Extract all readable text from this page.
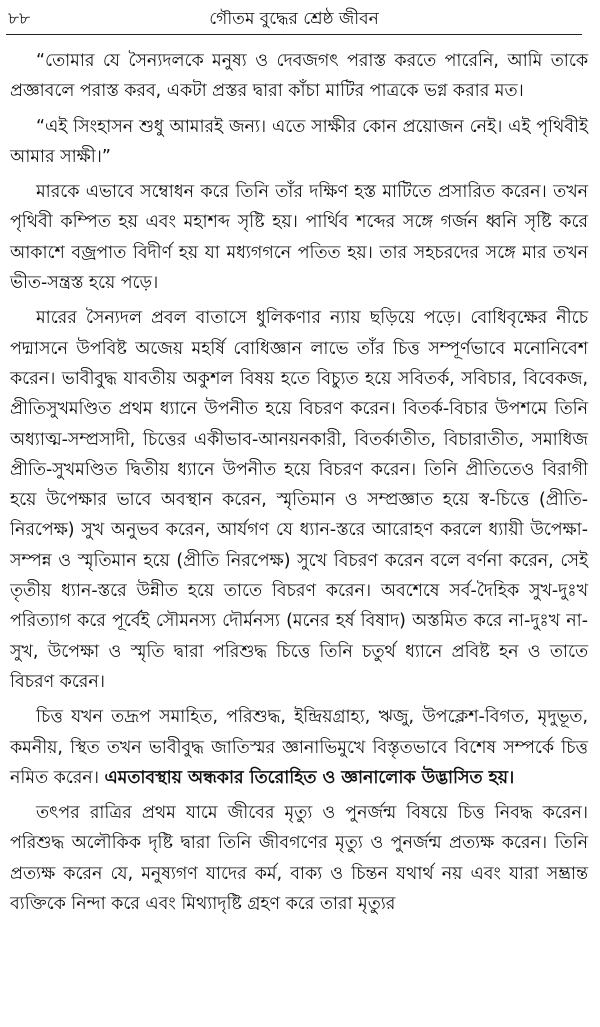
৮৮	গৌতম বুদ্ধের শ্রেষ্ঠ জীবন

“তোমার যে সৈন্যদলকে মনুষ্য ও দেবজগৎ পরাস্ত করতে পারেনি, আমি তাকে প্রজ্ঞাবলে পরাস্ত করব, একটা প্রস্তর দ্বারা কাঁচা মাটির পাত্রকে ভগ্ন করার মত।

“এই সিংহাসন শুধু আমারই জন্য। এতে সাক্ষীর কোন প্রয়োজন নেই। এই পৃথিবীই আমার সাক্ষী।”

মারকে এভাবে সম্বোধন করে তিনি তাঁর দক্ষিণ হস্ত মাটিতে প্রসারিত করেন। তখন পৃথিবী কম্পিত হয় এবং মহাশব্দ সৃষ্টি হয়। পার্থিব শব্দের সঙ্গে গর্জন ধ্বনি সৃষ্টি করে আকাশে বজ্রপাত বিদীর্ণ হয় যা মধ্যগগনে পতিত হয়। তার সহচরদের সঙ্গে মার তখন ভীত-সন্ত্রস্ত হয়ে পড়ে।

মারের সৈন্যদল প্রবল বাতাসে ধুলিকণার ন্যায় ছড়িয়ে পড়ে। বোধিবৃক্ষের নীচে পদ্মাসনে উপবিষ্ট অজেয় মহর্ষি বোধিজ্ঞান লাভে তাঁর চিত্ত সম্পূর্ণভাবে মনোনিবেশ করেন। ভাবীবুদ্ধ যাবতীয় অকুশল বিষয় হতে বিচ্যুত হয়ে সবিতর্ক, সবিচার, বিবেকজ, প্রীতিসুখমণ্ডিত প্রথম ধ্যানে উপনীত হয়ে বিচরণ করেন। বিতর্ক-বিচার উপশমে তিনি অধ্যাত্ম-সম্প্রসাদী, চিত্তের একীভাব-আনয়নকারী, বিতর্কাতীত, বিচারাতীত, সমাধিজ প্রীতি-সুখমণ্ডিত দ্বিতীয় ধ্যানে উপনীত হয়ে বিচরণ করেন। তিনি প্রীতিতেও বিরাগী হয়ে উপেক্ষার ভাবে অবস্থান করেন, স্মৃতিমান ও সম্প্রজ্ঞাত হয়ে স্ব-চিত্তে (প্রীতি-নিরপেক্ষ) সুখ অনুভব করেন, আর্যগণ যে ধ্যান-স্তরে আরোহণ করলে ধ্যায়ী উপেক্ষা-সম্পন্ন ও স্মৃতিমান হয়ে (প্রীতি নিরপেক্ষ) সুখে বিচরণ করেন বলে বর্ণনা করেন, সেই তৃতীয় ধ্যান-স্তরে উন্নীত হয়ে তাতে বিচরণ করেন। অবশেষে সর্ব-দৈহিক সুখ-দুঃখ পরিত্যাগ করে পূর্বেই সৌমনস্য দৌর্মনস্য (মনের হর্ষ বিষাদ) অস্তমিত করে না-দুঃখ না-সুখ, উপেক্ষা ও স্মৃতি দ্বারা পরিশুদ্ধ চিত্তে তিনি চতুর্থ ধ্যানে প্রবিষ্ট হন ও তাতে বিচরণ করেন।

চিত্ত যখন তদ্রূপ সমাহিত, পরিশুদ্ধ, ইন্দ্রিয়গ্রাহ্য, ঋজু, উপক্লেশ-বিগত, মৃদুভূত, কমনীয়, স্থিত তখন ভাবীবুদ্ধ জাতিস্মর জ্ঞানাভিমুখে বিস্তৃতভাবে বিশেষ সম্পর্কে চিত্ত নমিত করেন। এমতাবস্থায় অন্ধকার তিরোহিত ও জ্ঞানালোক উদ্ভাসিত হয়।

তৎপর রাত্রির প্রথম যামে জীবের মৃত্যু ও পুনর্জন্ম বিষয়ে চিত্ত নিবদ্ধ করেন। পরিশুদ্ধ অলৌকিক দৃষ্টি দ্বারা তিনি জীবগণের মৃত্যু ও পুনর্জন্ম প্রত্যক্ষ করেন। তিনি প্রত্যক্ষ করেন যে, মনুষ্যগণ যাদের কর্ম, বাক্য ও চিন্তন যথার্থ নয় এবং যারা সম্ভ্রান্ত ব্যক্তিকে নিন্দা করে এবং মিথ্যাদৃষ্টি গ্রহণ করে তারা মৃত্যুর
